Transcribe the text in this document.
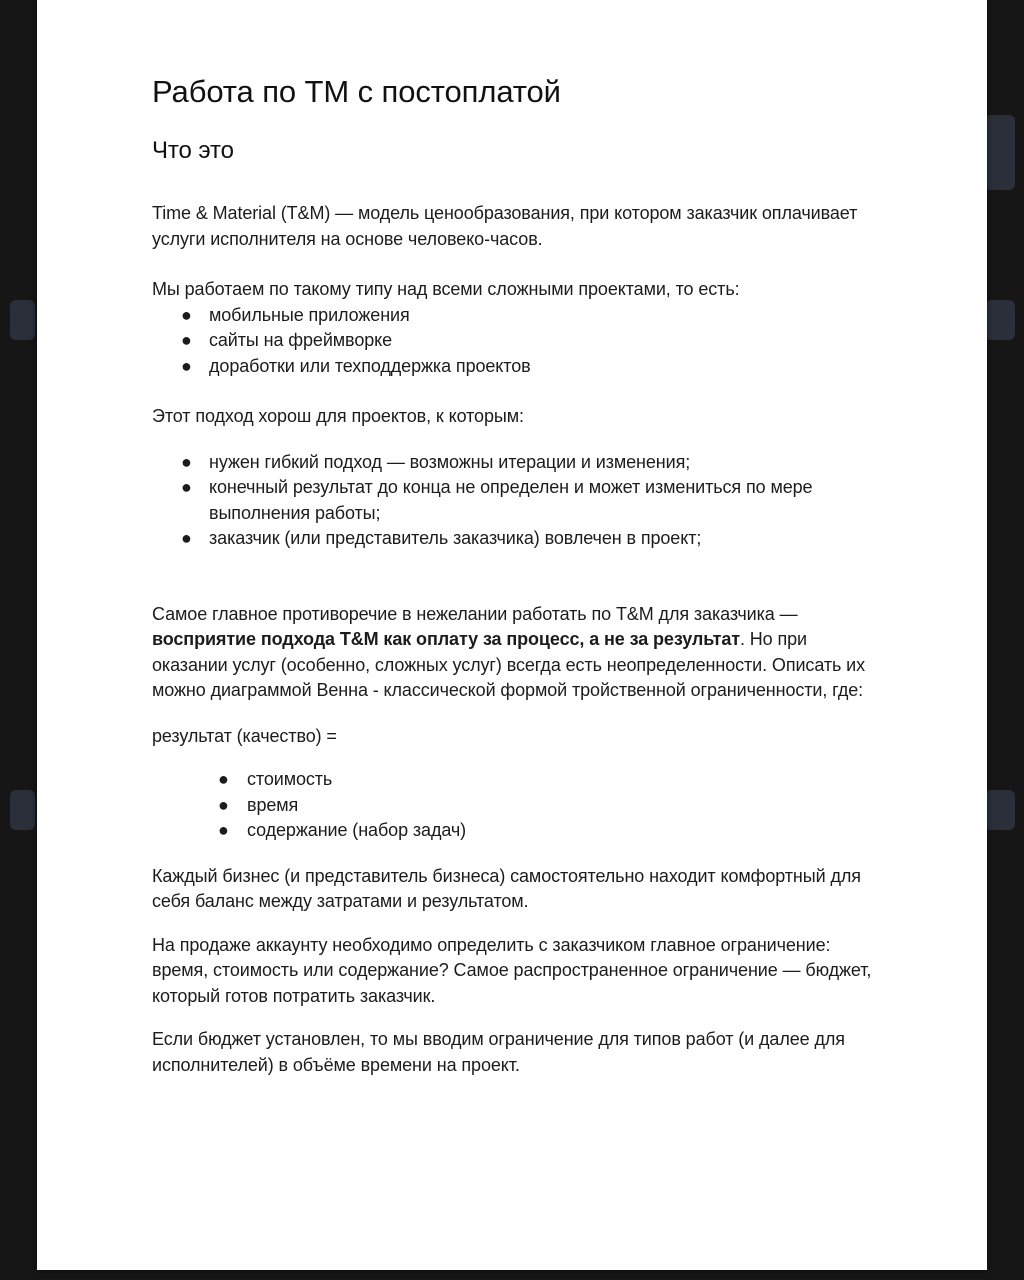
Работа по ТМ с постоплатой
Что это

Time & Material (T&M) — модель ценообразования, при котором заказчик оплачивает услуги исполнителя на основе человеко-часов.

Мы работаем по такому типу над всеми сложными проектами, то есть:

● мобильные приложения
● сайты на фреймворке
● доработки или техподдержка проектов

Этот подход хорош для проектов, к которым:

● нужен гибкий подход — возможны итерации и изменения;
● конечный результат до конца не определен и может измениться по мере выполнения работы;
● заказчик (или представитель заказчика) вовлечен в проект;

Самое главное противоречие в нежелании работать по T&M для заказчика — восприятие подхода T&M как оплату за процесс, а не за результат. Но при оказании услуг (особенно, сложных услуг) всегда есть неопределенности. Описать их можно диаграммой Венна - классической формой тройственной ограниченности, где:

результат (качество) =

● стоимость
● время
● содержание (набор задач)

Каждый бизнес (и представитель бизнеса) самостоятельно находит комфортный для себя баланс между затратами и результатом.

На продаже аккаунту необходимо определить с заказчиком главное ограничение: время, стоимость или содержание? Самое распространенное ограничение — бюджет, который готов потратить заказчик.

Если бюджет установлен, то мы вводим ограничение для типов работ (и далее для исполнителей) в объёме времени на проект.
